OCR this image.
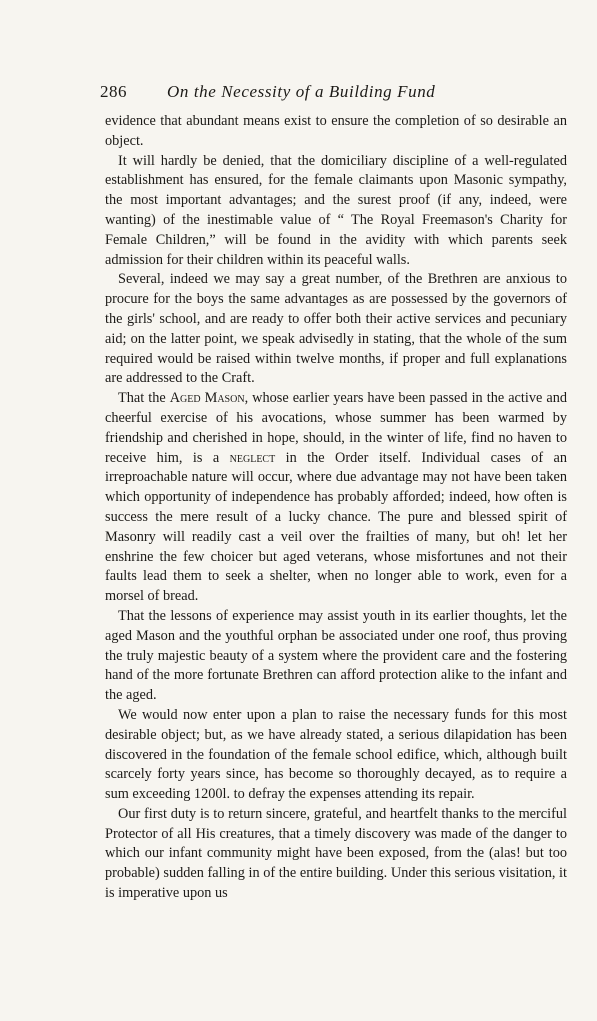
286 On the Necessity of a Building Fund

evidence that abundant means exist to ensure the completion of so desirable an object.

It will hardly be denied, that the domiciliary discipline of a well-regulated establishment has ensured, for the female claimants upon Masonic sympathy, the most important advantages; and the surest proof (if any, indeed, were wanting) of the inestimable value of “ The Royal Freemason's Charity for Female Children,” will be found in the avidity with which parents seek admission for their children within its peaceful walls.

Several, indeed we may say a great number, of the Brethren are anxious to procure for the boys the same advantages as are possessed by the governors of the girls' school, and are ready to offer both their active services and pecuniary aid; on the latter point, we speak advisedly in stating, that the whole of the sum required would be raised within twelve months, if proper and full explanations are addressed to the Craft.

That the Aged Mason, whose earlier years have been passed in the active and cheerful exercise of his avocations, whose summer has been warmed by friendship and cherished in hope, should, in the winter of life, find no haven to receive him, is a neglect in the Order itself. Individual cases of an irreproachable nature will occur, where due advantage may not have been taken which opportunity of independence has probably afforded; indeed, how often is success the mere result of a lucky chance. The pure and blessed spirit of Masonry will readily cast a veil over the frailties of many, but oh! let her enshrine the few choicer but aged veterans, whose misfortunes and not their faults lead them to seek a shelter, when no longer able to work, even for a morsel of bread.

That the lessons of experience may assist youth in its earlier thoughts, let the aged Mason and the youthful orphan be associated under one roof, thus proving the truly majestic beauty of a system where the provident care and the fostering hand of the more fortunate Brethren can afford protection alike to the infant and the aged.

We would now enter upon a plan to raise the necessary funds for this most desirable object; but, as we have already stated, a serious dilapidation has been discovered in the foundation of the female school edifice, which, although built scarcely forty years since, has become so thoroughly decayed, as to require a sum exceeding 1200l. to defray the expenses attending its repair.

Our first duty is to return sincere, grateful, and heartfelt thanks to the merciful Protector of all His creatures, that a timely discovery was made of the danger to which our infant community might have been exposed, from the (alas! but too probable) sudden falling in of the entire building. Under this serious visitation, it is imperative upon us
